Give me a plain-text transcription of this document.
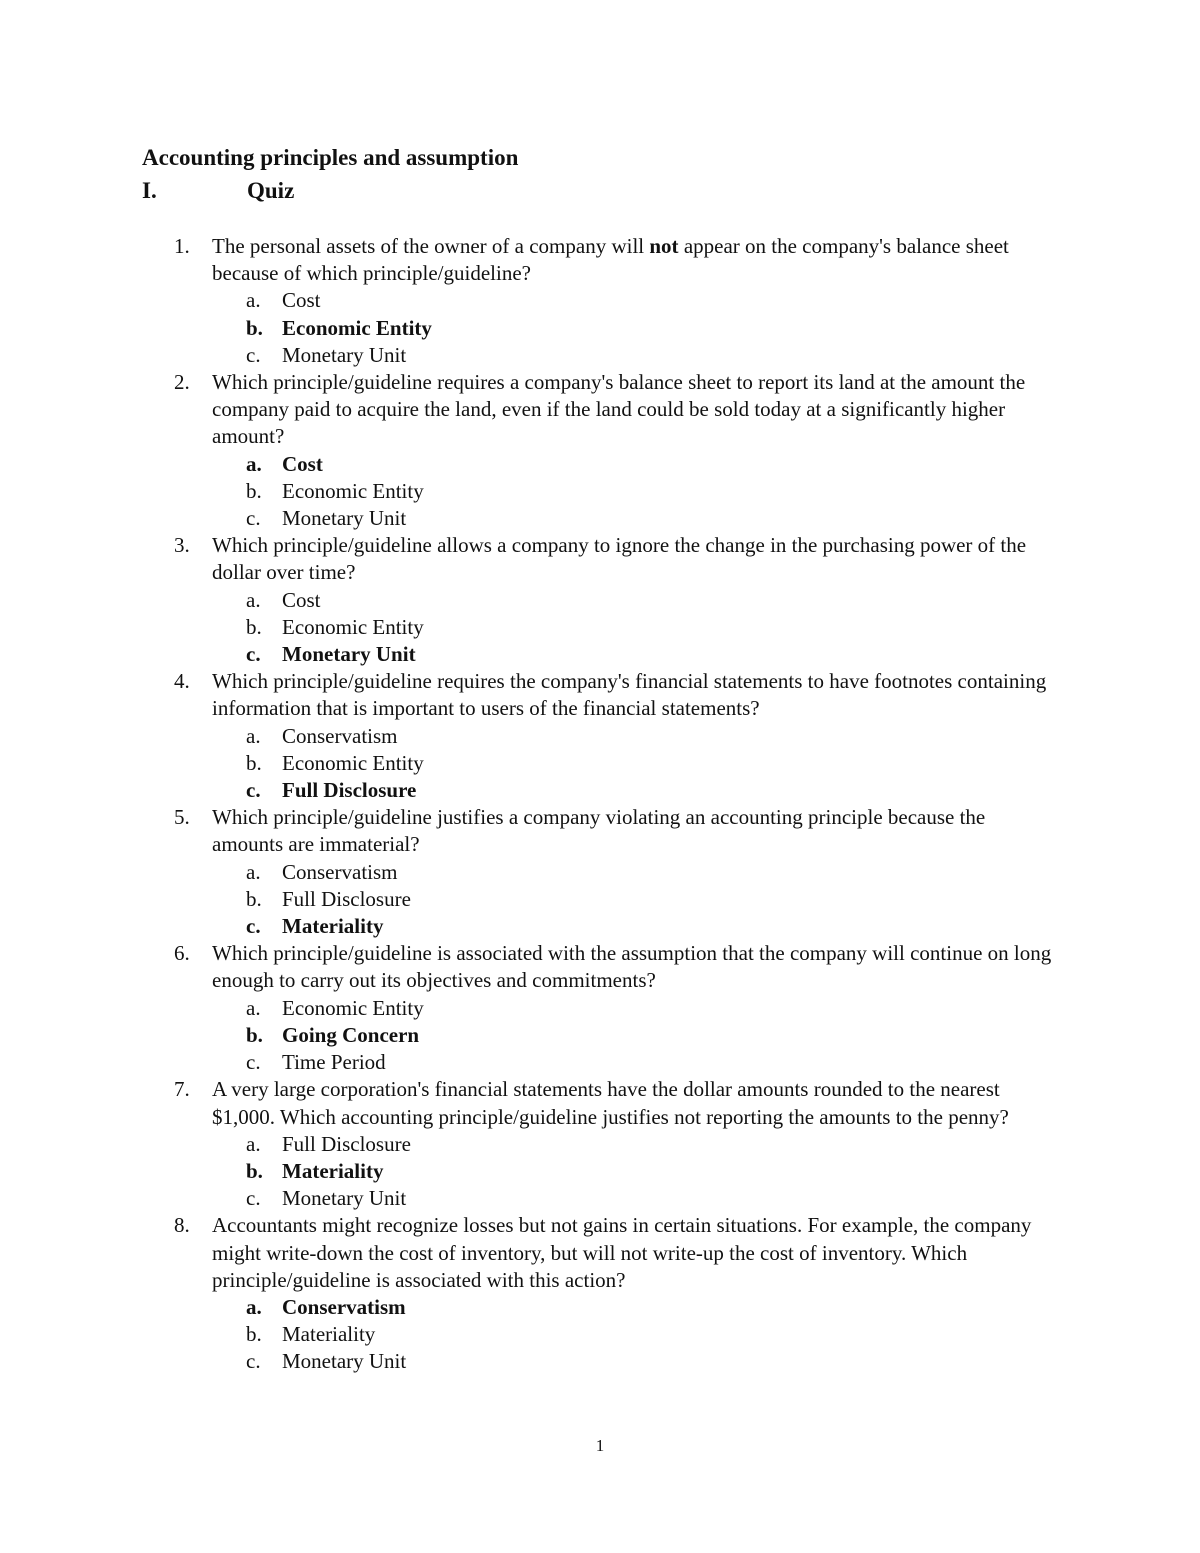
Accounting principles and assumption
I.	Quiz
1. The personal assets of the owner of a company will not appear on the company's balance sheet because of which principle/guideline?
a. Cost
b. Economic Entity
c. Monetary Unit
2. Which principle/guideline requires a company's balance sheet to report its land at the amount the company paid to acquire the land, even if the land could be sold today at a significantly higher amount?
a. Cost
b. Economic Entity
c. Monetary Unit
3. Which principle/guideline allows a company to ignore the change in the purchasing power of the dollar over time?
a. Cost
b. Economic Entity
c. Monetary Unit
4. Which principle/guideline requires the company's financial statements to have footnotes containing information that is important to users of the financial statements?
a. Conservatism
b. Economic Entity
c. Full Disclosure
5. Which principle/guideline justifies a company violating an accounting principle because the amounts are immaterial?
a. Conservatism
b. Full Disclosure
c. Materiality
6. Which principle/guideline is associated with the assumption that the company will continue on long enough to carry out its objectives and commitments?
a. Economic Entity
b. Going Concern
c. Time Period
7. A very large corporation's financial statements have the dollar amounts rounded to the nearest $1,000. Which accounting principle/guideline justifies not reporting the amounts to the penny?
a. Full Disclosure
b. Materiality
c. Monetary Unit
8. Accountants might recognize losses but not gains in certain situations. For example, the company might write-down the cost of inventory, but will not write-up the cost of inventory. Which principle/guideline is associated with this action?
a. Conservatism
b. Materiality
c. Monetary Unit
1
